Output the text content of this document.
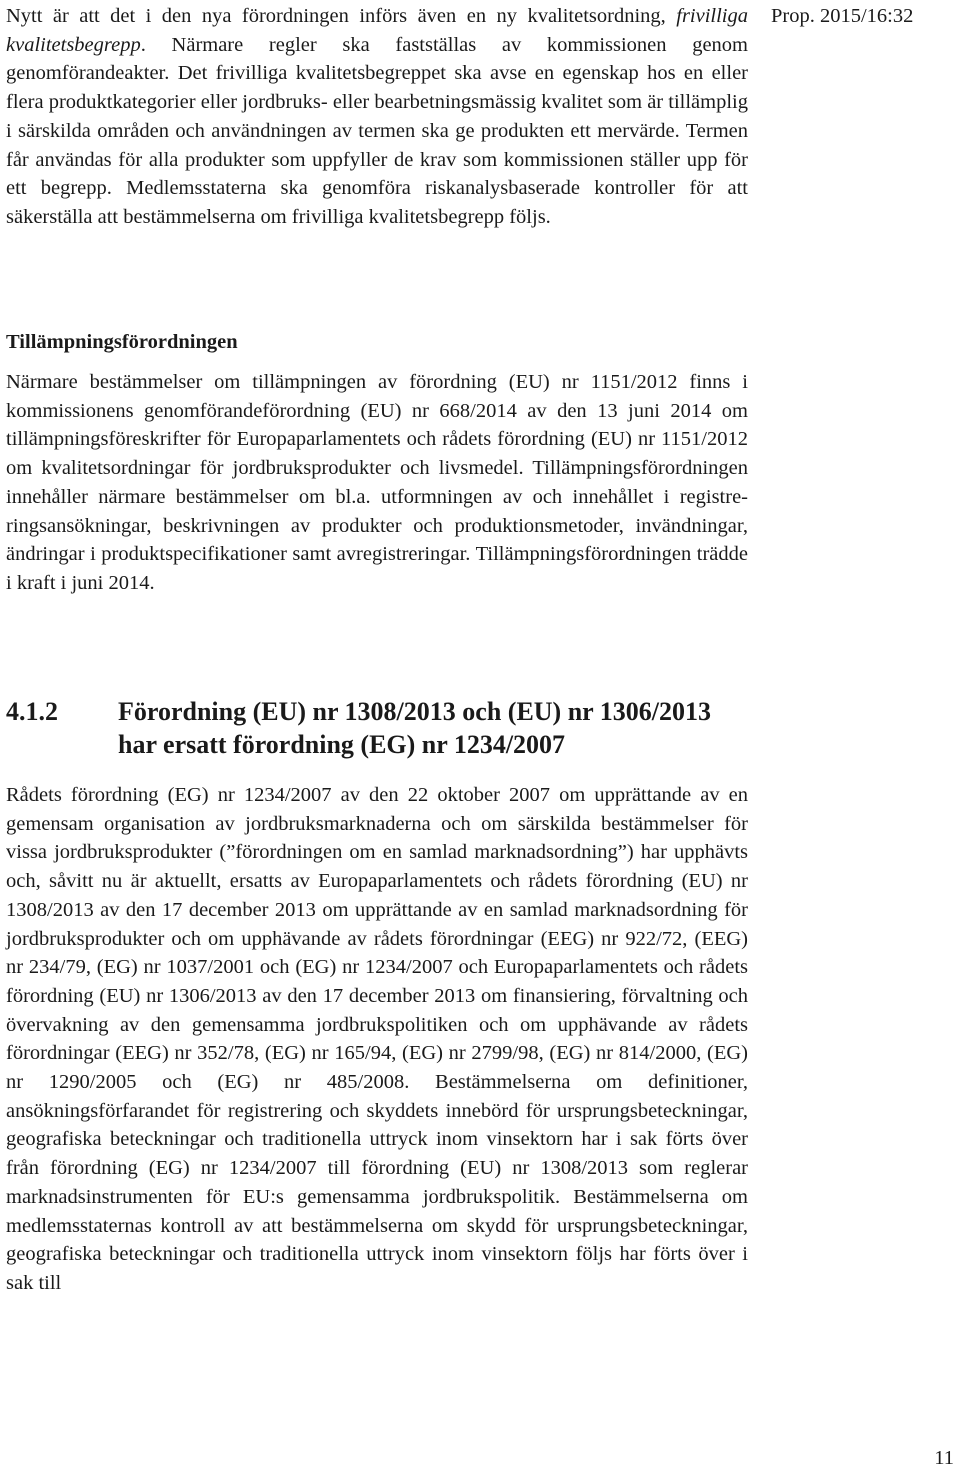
Prop. 2015/16:32

Nytt är att det i den nya förordningen införs även en ny kvalitetsordning, frivilliga kvalitetsbegrepp. Närmare regler ska fastställas av kommissionen genom genomförandeakter. Det frivilliga kvalitetsbegreppet ska avse en egenskap hos en eller flera produktkategorier eller jordbruks- eller bearbetningsmässig kvalitet som är tillämplig i särskilda områden och användningen av termen ska ge produkten ett mervärde. Termen får användas för alla produkter som uppfyller de krav som kommissionen ställer upp för ett begrepp. Medlemsstaterna ska genomföra riskanalysbaserade kontroller för att säkerställa att bestämmelserna om frivilliga kvalitetsbegrepp följs.

Tillämpningsförordningen

Närmare bestämmelser om tillämpningen av förordning (EU) nr 1151/2012 finns i kommissionens genomförandeförordning (EU) nr 668/2014 av den 13 juni 2014 om tillämpningsföreskrifter för Europaparlamentets och rådets förordning (EU) nr 1151/2012 om kvalitetsordningar för jordbruksprodukter och livsmedel. Tillämpningsförordningen innehåller närmare bestämmelser om bl.a. utformningen av och innehållet i registreringsansökningar, beskrivningen av produkter och produktionsmetoder, invändningar, ändringar i produktspecifikationer samt avregistreringar. Tillämpningsförordningen trädde i kraft i juni 2014.

4.1.2	Förordning (EU) nr 1308/2013 och (EU) nr 1306/2013 har ersatt förordning (EG) nr 1234/2007

Rådets förordning (EG) nr 1234/2007 av den 22 oktober 2007 om upprättande av en gemensam organisation av jordbruksmarknaderna och om särskilda bestämmelser för vissa jordbruksprodukter (”förordningen om en samlad marknadsordning”) har upphävts och, såvitt nu är aktuellt, ersatts av Europaparlamentets och rådets förordning (EU) nr 1308/2013 av den 17 december 2013 om upprättande av en samlad marknadsordning för jordbruksprodukter och om upphävande av rådets förordningar (EEG) nr 922/72, (EEG) nr 234/79, (EG) nr 1037/2001 och (EG) nr 1234/2007 och Europaparlamentets och rådets förordning (EU) nr 1306/2013 av den 17 december 2013 om finansiering, förvaltning och övervakning av den gemensamma jordbrukspolitiken och om upphävande av rådets förordningar (EEG) nr 352/78, (EG) nr 165/94, (EG) nr 2799/98, (EG) nr 814/2000, (EG) nr 1290/2005 och (EG) nr 485/2008. Bestämmelserna om definitioner, ansökningsförfarandet för registrering och skyddets innebörd för ursprungsbeteckningar, geografiska beteckningar och traditionella uttryck inom vinsektorn har i sak förts över från förordning (EG) nr 1234/2007 till förordning (EU) nr 1308/2013 som reglerar marknadsinstrumenten för EU:s gemensamma jordbrukspolitik. Bestämmelserna om medlemsstaternas kontroll av att bestämmelserna om skydd för ursprungsbeteckningar, geografiska beteckningar och traditionella uttryck inom vinsektorn följs har förts över i sak till

11
